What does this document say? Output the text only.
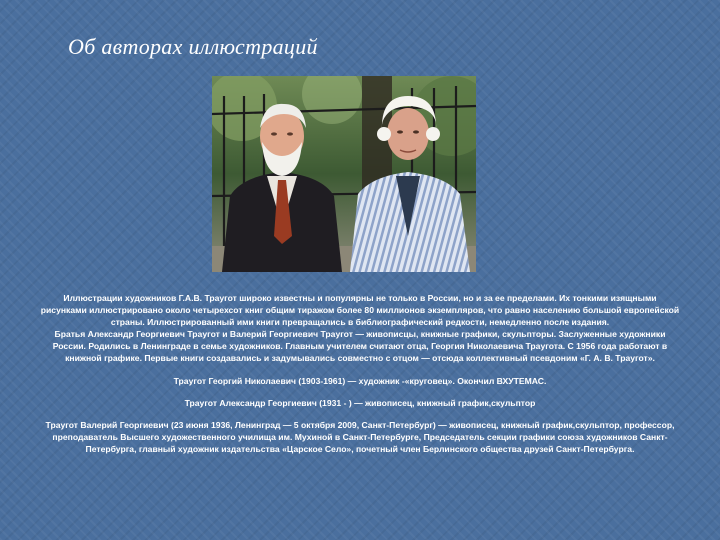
Об авторах иллюстраций

Иллюстрации художников Г.А.В. Траугот широко известны и популярны не только в России, но и за ее пределами. Их тонкими изящными рисунками иллюстрировано около четырехсот книг общим тиражом более 80 миллионов экземпляров, что равно населению большой европейской страны. Иллюстрированный ими книги превращались в библиографический редкости, немедленно после издания.

Братья Александр Георгиевич Траугот и Валерий Георгиевич Траугот — живописцы, книжные графики, скульпторы. Заслуженные художники России. Родились в Ленинграде в семье художников. Главным учителем считают отца, Георгия Николаевича Траугота. С 1956 года работают в книжной графике. Первые книги создавались и задумывались совместно с отцом — отсюда коллективный псевдоним «Г. А. В. Траугот».

Траугот Георгий Николаевич (1903-1961) — художник -«круговец». Окончил ВХУТЕМАС.

Траугот Александр Георгиевич (1931 - ) — живописец, книжный график,скульптор

Траугот Валерий Георгиевич (23 июня 1936, Ленинград — 5 октября 2009, Санкт-Петербург) — живописец, книжный график,скульптор, профессор, преподаватель Высшего художественного училища им. Мухиной в Санкт-Петербурге, Председатель секции графики союза художников Санкт-Петербурга, главный художник издательства «Царское Село», почетный член Берлинского общества друзей Санкт-Петербурга.
